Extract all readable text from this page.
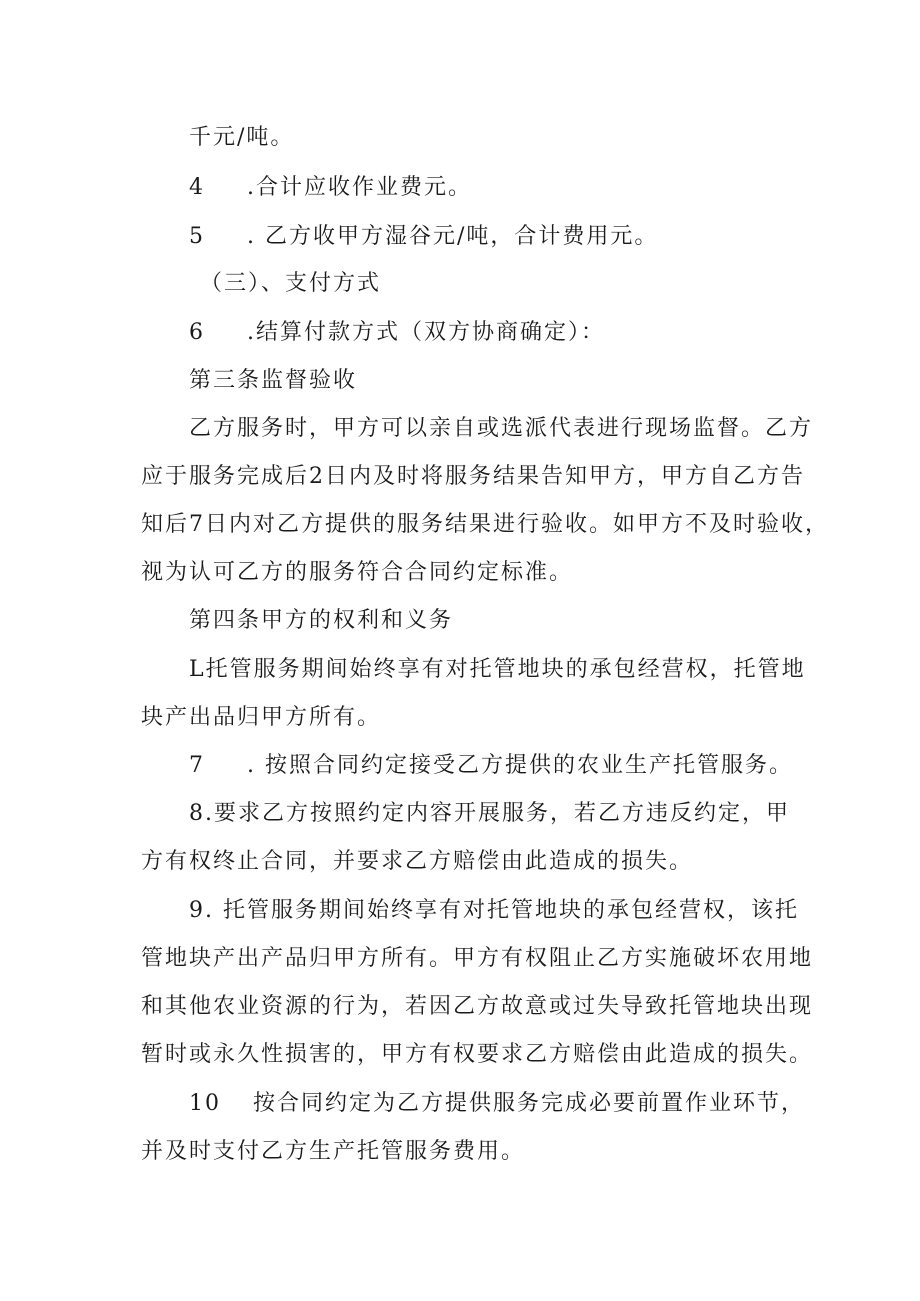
千元/吨。
4 .合计应收作业费元。
5 . 乙方收甲方湿谷元/吨，合计费用元。
（三）、支付方式
6 .结算付款方式（双方协商确定）：
第三条监督验收
乙方服务时，甲方可以亲自或选派代表进行现场监督。乙方
应于服务完成后2日内及时将服务结果告知甲方，甲方自乙方告
知后7日内对乙方提供的服务结果进行验收。如甲方不及时验收，
视为认可乙方的服务符合合同约定标准。
第四条甲方的权利和义务
L托管服务期间始终享有对托管地块的承包经营权，托管地
块产出品归甲方所有。
7 . 按照合同约定接受乙方提供的农业生产托管服务。
8.要求乙方按照约定内容开展服务，若乙方违反约定，甲
方有权终止合同，并要求乙方赔偿由此造成的损失。
9. 托管服务期间始终享有对托管地块的承包经营权，该托
管地块产出产品归甲方所有。甲方有权阻止乙方实施破坏农用地
和其他农业资源的行为，若因乙方故意或过失导致托管地块出现
暂时或永久性损害的，甲方有权要求乙方赔偿由此造成的损失。
10 按合同约定为乙方提供服务完成必要前置作业环节，
并及时支付乙方生产托管服务费用。
